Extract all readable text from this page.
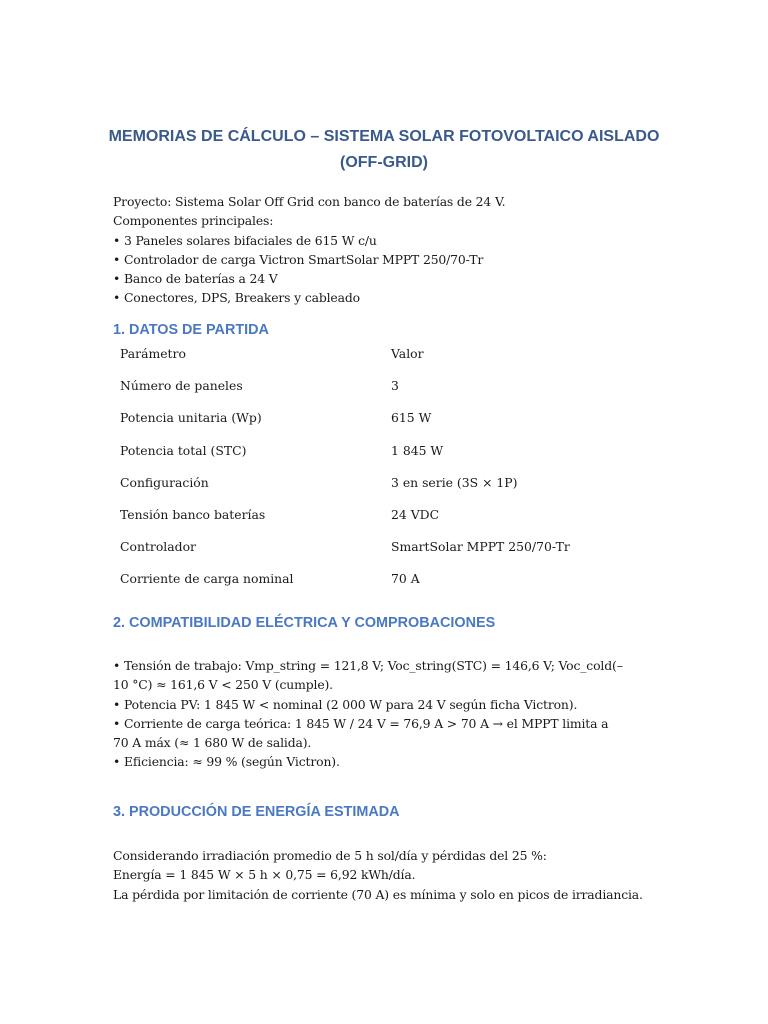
MEMORIAS DE CÁLCULO – SISTEMA SOLAR FOTOVOLTAICO AISLADO
(OFF-GRID)
Proyecto: Sistema Solar Off Grid con banco de baterías de 24 V.
Componentes principales:
• 3 Paneles solares bifaciales de 615 W c/u
• Controlador de carga Victron SmartSolar MPPT 250/70-Tr
• Banco de baterías a 24 V
• Conectores, DPS, Breakers y cableado
1. DATOS DE PARTIDA
Parámetro	Valor
Número de paneles	3
Potencia unitaria (Wp)	615 W
Potencia total (STC)	1 845 W
Configuración	3 en serie (3S × 1P)
Tensión banco baterías	24 VDC
Controlador	SmartSolar MPPT 250/70-Tr
Corriente de carga nominal	70 A
2. COMPATIBILIDAD ELÉCTRICA Y COMPROBACIONES
• Tensión de trabajo: Vmp_string = 121,8 V; Voc_string(STC) = 146,6 V; Voc_cold(–
10 °C) ≈ 161,6 V < 250 V (cumple).
• Potencia PV: 1 845 W < nominal (2 000 W para 24 V según ficha Victron).
• Corriente de carga teórica: 1 845 W / 24 V = 76,9 A > 70 A → el MPPT limita a
70 A máx (≈ 1 680 W de salida).
• Eficiencia: ≈ 99 % (según Victron).
3. PRODUCCIÓN DE ENERGÍA ESTIMADA
Considerando irradiación promedio de 5 h sol/día y pérdidas del 25 %:
Energía = 1 845 W × 5 h × 0,75 = 6,92 kWh/día.
La pérdida por limitación de corriente (70 A) es mínima y solo en picos de irradiancia.
